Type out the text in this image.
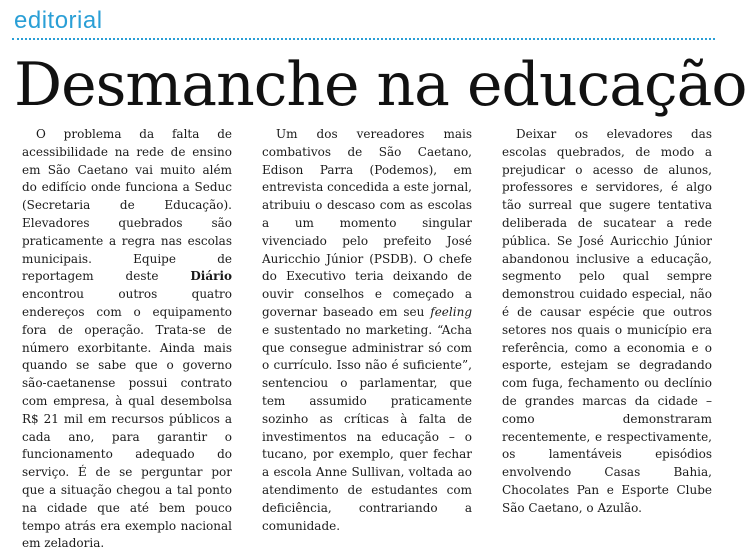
editorial
Desmanche na educação

O problema da falta de acessibilidade na rede de ensino em São Caetano vai muito além do edifício onde funciona a Seduc (Secretaria de Educação). Elevadores quebrados são praticamente a regra nas escolas municipais. Equipe de reportagem deste Diário encontrou outros quatro endereços com o equipamento fora de operação. Trata-se de número exorbitante. Ainda mais quando se sabe que o governo são-caetanense possui contrato com empresa, à qual desembolsa R$ 21 mil em recursos públicos a cada ano, para garantir o funcionamento adequado do serviço. É de se perguntar por que a situação chegou a tal ponto na cidade que até bem pouco tempo atrás era exemplo nacional em zeladoria.

Um dos vereadores mais combativos de São Caetano, Edison Parra (Podemos), em entrevista concedida a este jornal, atribuiu o descaso com as escolas a um momento singular vivenciado pelo prefeito José Auricchio Júnior (PSDB). O chefe do Executivo teria deixando de ouvir conselhos e começado a governar baseado em seu feeling e sustentado no marketing. “Acha que consegue administrar só com o currículo. Isso não é suficiente”, sentenciou o parlamentar, que tem assumido praticamente sozinho as críticas à falta de investimentos na educação – o tucano, por exemplo, quer fechar a escola Anne Sullivan, voltada ao atendimento de estudantes com deficiência, contrariando a comunidade.

Deixar os elevadores das escolas quebrados, de modo a prejudicar o acesso de alunos, professores e servidores, é algo tão surreal que sugere tentativa deliberada de sucatear a rede pública. Se José Auricchio Júnior abandonou inclusive a educação, segmento pelo qual sempre demonstrou cuidado especial, não é de causar espécie que outros setores nos quais o município era referência, como a economia e o esporte, estejam se degradando com fuga, fechamento ou declínio de grandes marcas da cidade – como demonstraram recentemente, e respectivamente, os lamentáveis episódios envolvendo Casas Bahia, Chocolates Pan e Esporte Clube São Caetano, o Azulão.
